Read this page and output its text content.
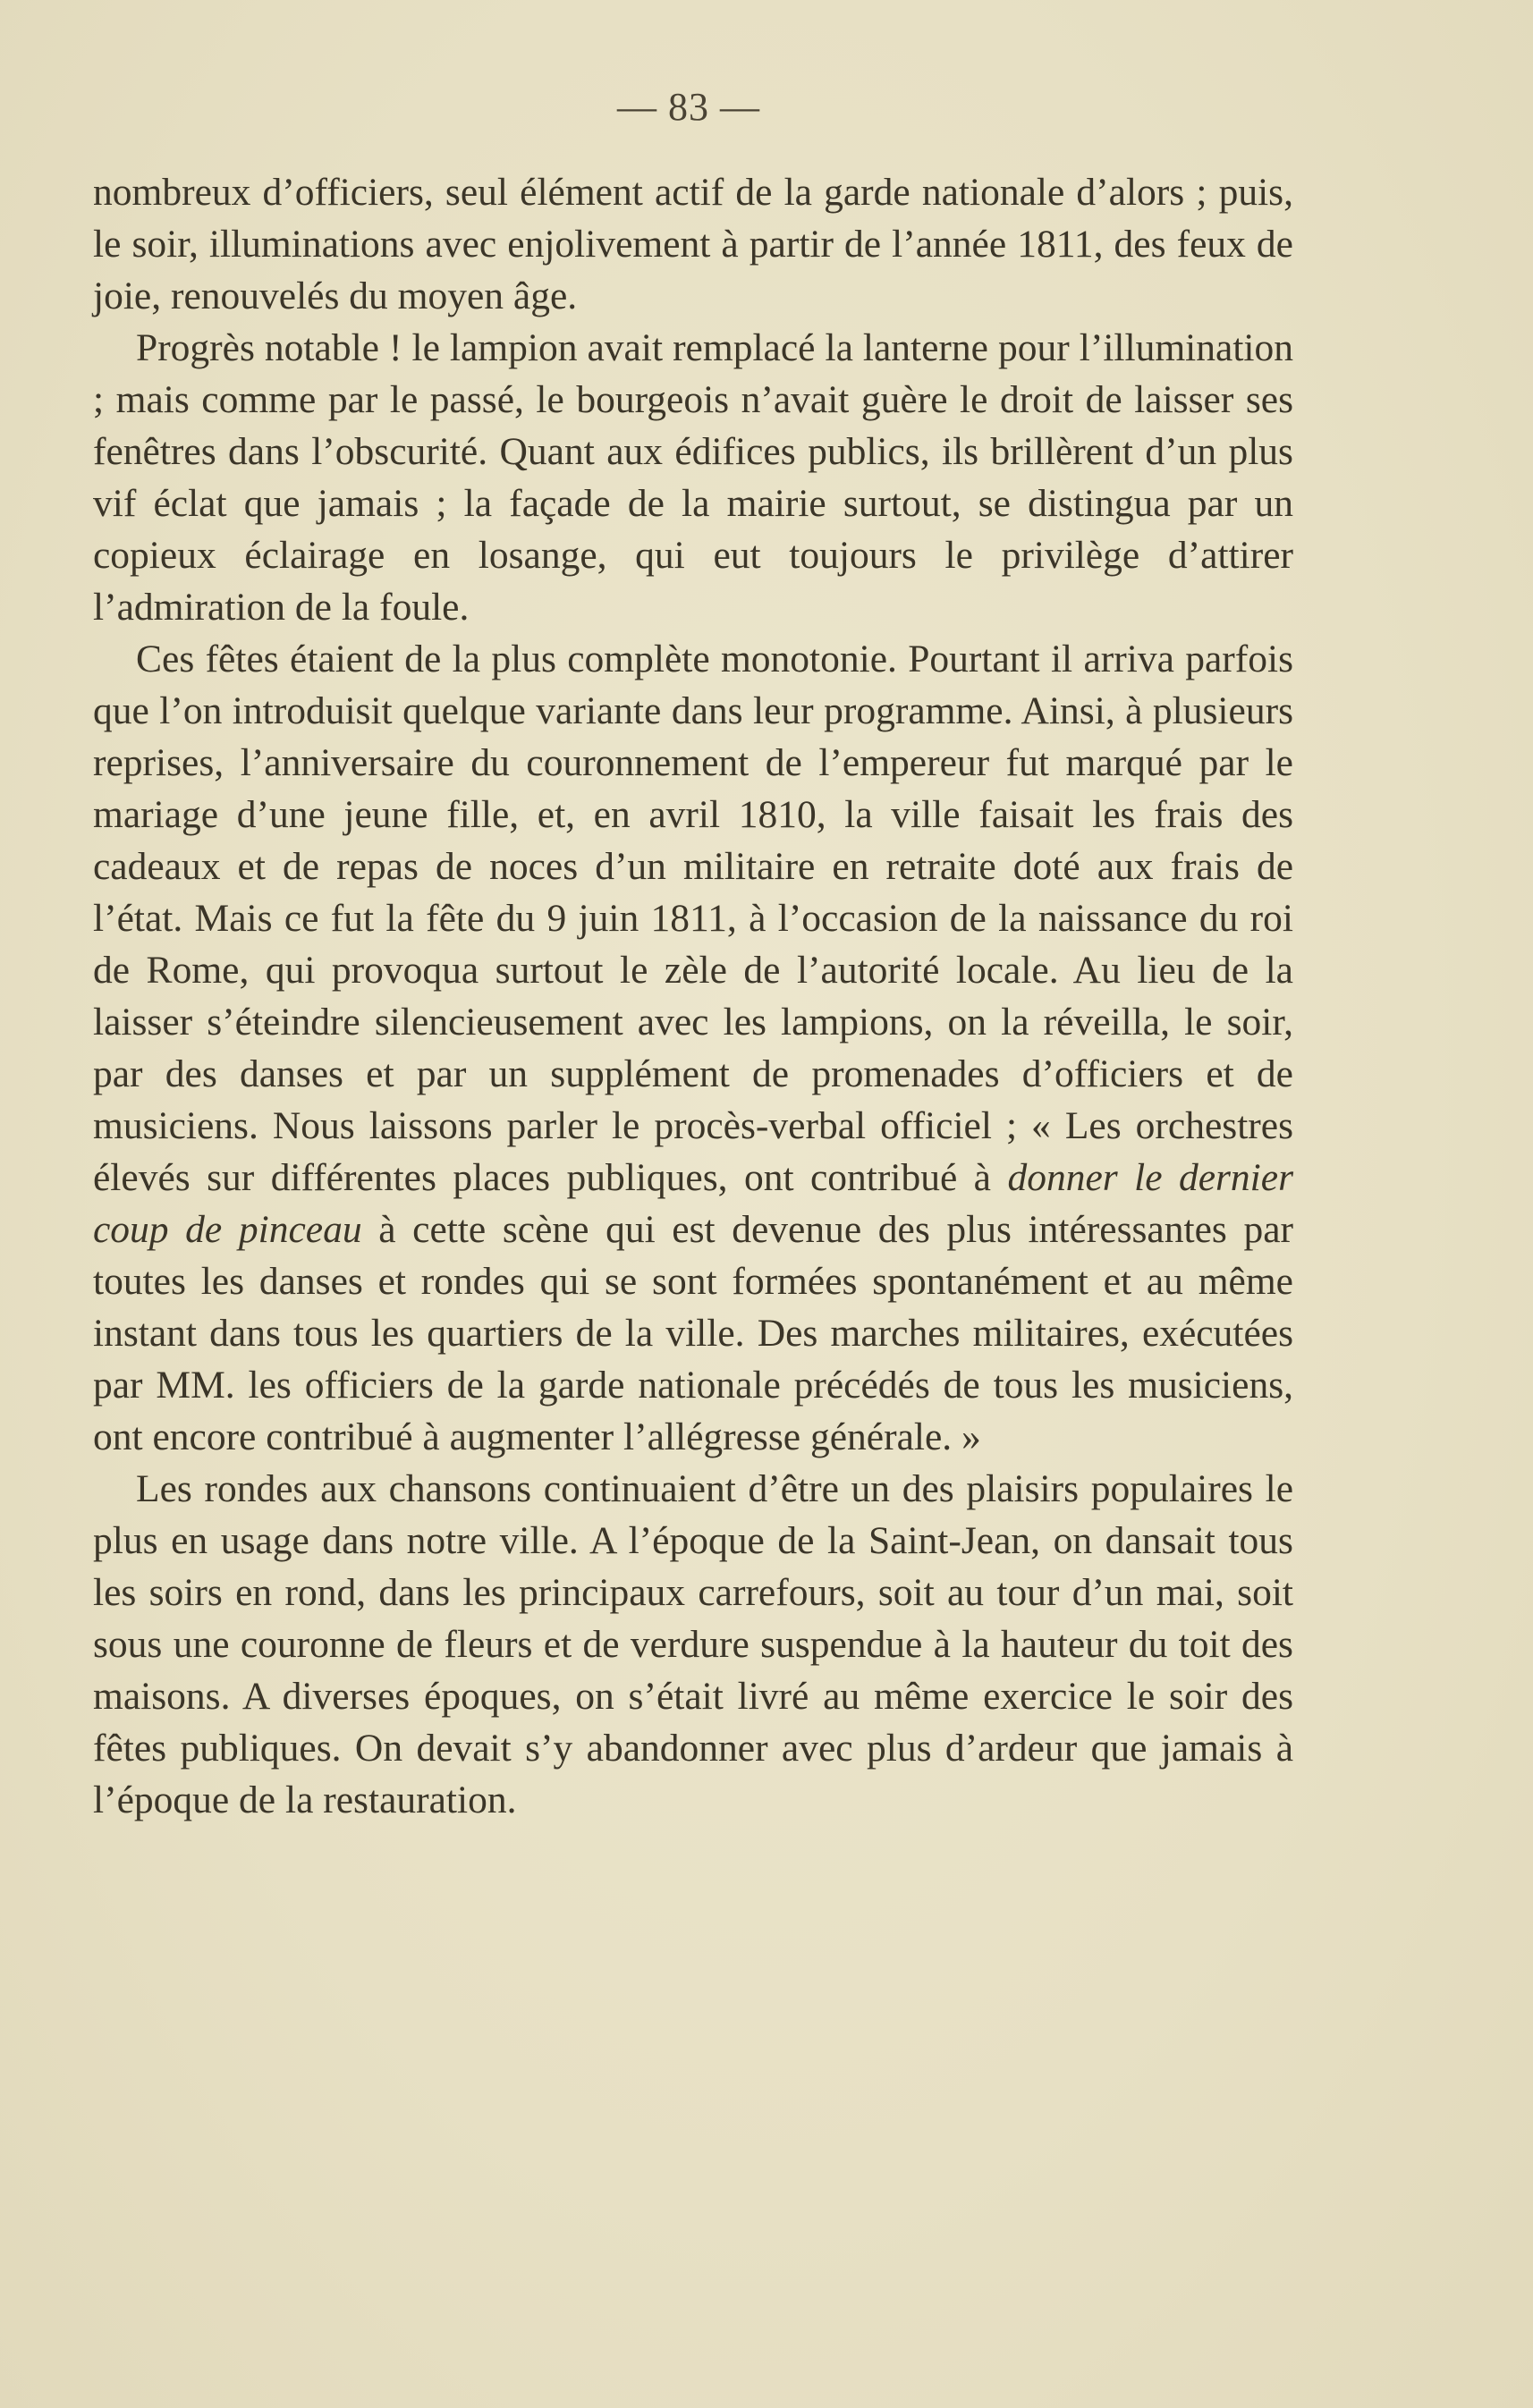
— 83 —

nombreux d’officiers, seul élément actif de la garde nationale d’alors ; puis, le soir, illuminations avec enjolivement à partir de l’année 1811, des feux de joie, renouvelés du moyen âge.

Progrès notable ! le lampion avait remplacé la lanterne pour l’illumination ; mais comme par le passé, le bourgeois n’avait guère le droit de laisser ses fenêtres dans l’obscurité. Quant aux édifices publics, ils brillèrent d’un plus vif éclat que jamais ; la façade de la mairie surtout, se distingua par un copieux éclairage en losange, qui eut toujours le privilège d’attirer l’admiration de la foule.

Ces fêtes étaient de la plus complète monotonie. Pourtant il arriva parfois que l’on introduisit quelque variante dans leur programme. Ainsi, à plusieurs reprises, l’anniversaire du couronnement de l’empereur fut marqué par le mariage d’une jeune fille, et, en avril 1810, la ville faisait les frais des cadeaux et de repas de noces d’un militaire en retraite doté aux frais de l’état. Mais ce fut la fête du 9 juin 1811, à l’occasion de la naissance du roi de Rome, qui provoqua surtout le zèle de l’autorité locale. Au lieu de la laisser s’éteindre silencieusement avec les lampions, on la réveilla, le soir, par des danses et par un supplément de promenades d’officiers et de musiciens. Nous laissons parler le procès-verbal officiel ; « Les orchestres élevés sur différentes places publiques, ont contribué à donner le dernier coup de pinceau à cette scène qui est devenue des plus intéressantes par toutes les danses et rondes qui se sont formées spontanément et au même instant dans tous les quartiers de la ville. Des marches militaires, exécutées par MM. les officiers de la garde nationale précédés de tous les musiciens, ont encore contribué à augmenter l’allégresse générale. »

Les rondes aux chansons continuaient d’être un des plaisirs populaires le plus en usage dans notre ville. A l’époque de la Saint-Jean, on dansait tous les soirs en rond, dans les principaux carrefours, soit au tour d’un mai, soit sous une couronne de fleurs et de verdure suspendue à la hauteur du toit des maisons. A diverses époques, on s’était livré au même exercice le soir des fêtes publiques. On devait s’y abandonner avec plus d’ardeur que jamais à l’époque de la restauration.
